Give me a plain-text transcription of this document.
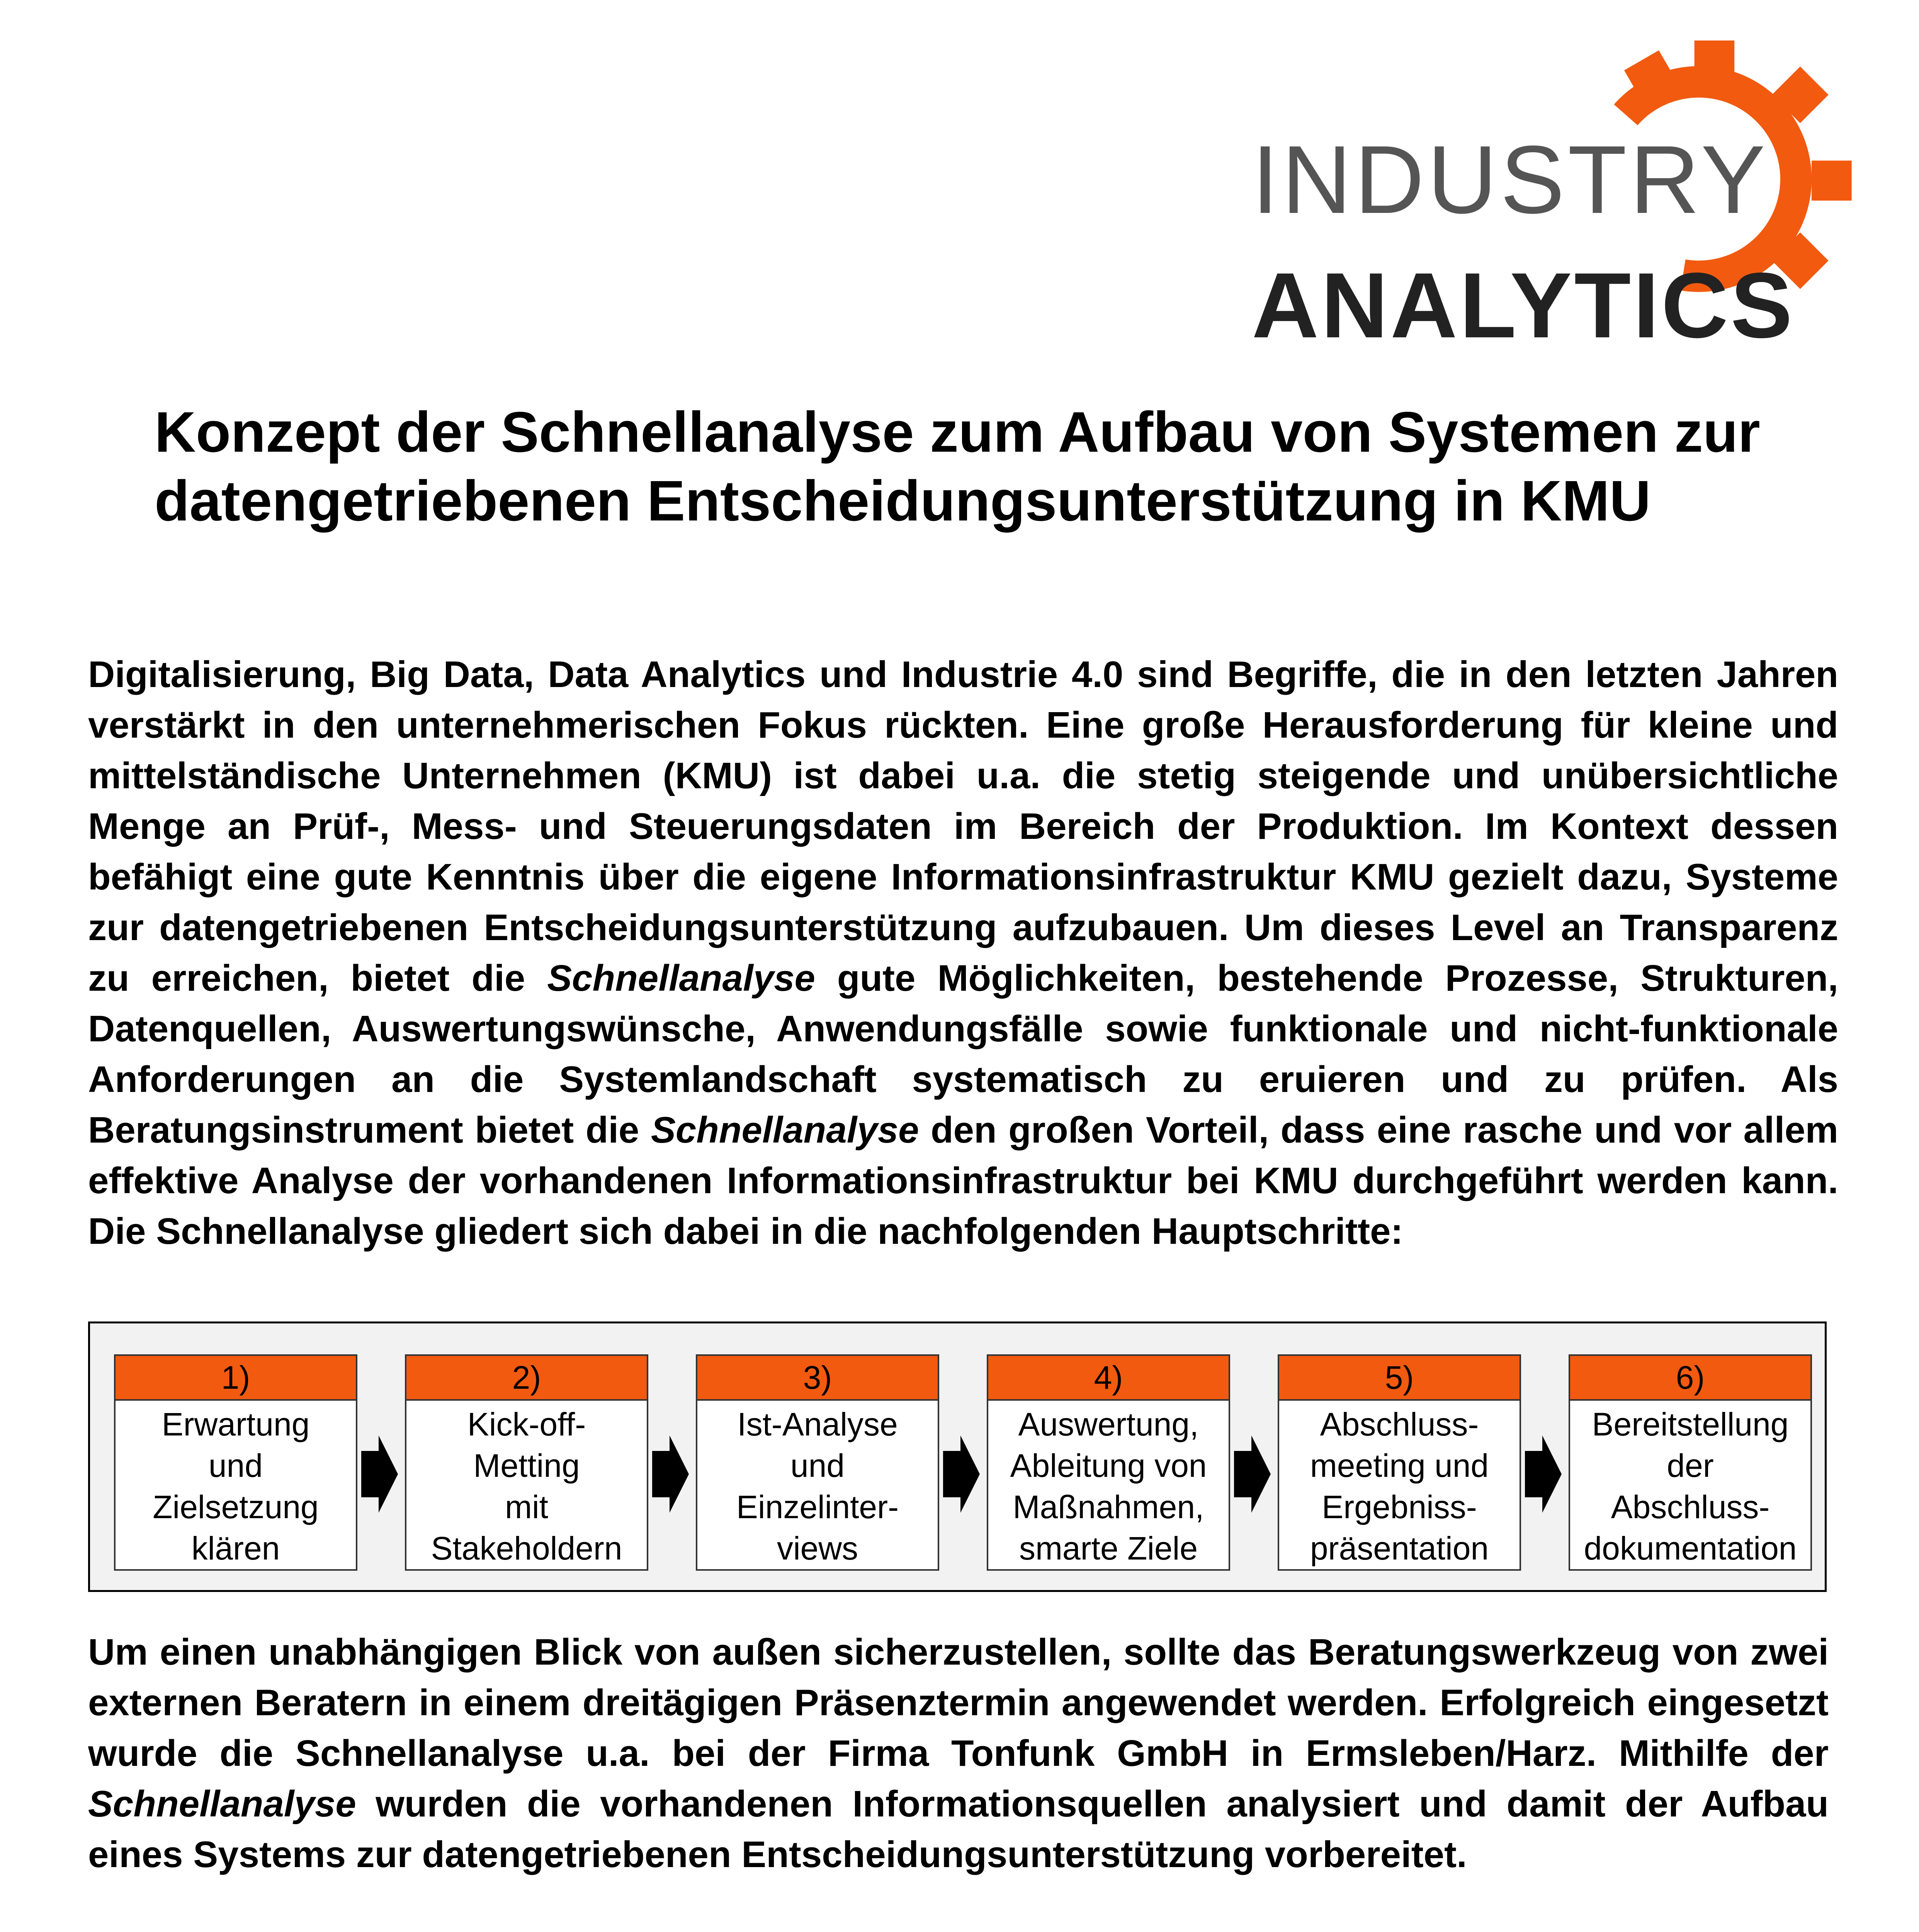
INDUSTRY
ANALYTICS
Konzept der Schnellanalyse zum Aufbau von Systemen zur datengetriebenen Entscheidungsunterstützung in KMU
Digitalisierung, Big Data, Data Analytics und Industrie 4.0 sind Begriffe, die in den letzten Jahren verstärkt in den unternehmerischen Fokus rückten. Eine große Herausforderung für kleine und mittelständische Unternehmen (KMU) ist dabei u.a. die stetig steigende und unübersichtliche Menge an Prüf-, Mess- und Steuerungsdaten im Bereich der Produktion. Im Kontext dessen befähigt eine gute Kenntnis über die eigene Informationsinfrastruktur KMU gezielt dazu, Systeme zur datengetriebenen Entscheidungsunterstützung aufzubauen. Um dieses Level an Transparenz zu erreichen, bietet die Schnellanalyse gute Möglichkeiten, bestehende Prozesse, Strukturen, Datenquellen, Auswertungswünsche, Anwendungsfälle sowie funktionale und nicht-funktionale Anforderungen an die Systemlandschaft systematisch zu eruieren und zu prüfen. Als Beratungsinstrument bietet die Schnellanalyse den großen Vorteil, dass eine rasche und vor allem effektive Analyse der vorhandenen Informationsinfrastruktur bei KMU durchgeführt werden kann. Die Schnellanalyse gliedert sich dabei in die nachfolgenden Hauptschritte:
1)
Erwartung
und
Zielsetzung
klären
2)
Kick-off-
Metting
mit
Stakeholdern
3)
Ist-Analyse
und
Einzelinter-
views
4)
Auswertung,
Ableitung von
Maßnahmen,
smarte Ziele
5)
Abschluss-
meeting und
Ergebniss-
präsentation
6)
Bereitstellung
der
Abschluss-
dokumentation
Um einen unabhängigen Blick von außen sicherzustellen, sollte das Beratungswerkzeug von zwei externen Beratern in einem dreitägigen Präsenztermin angewendet werden. Erfolgreich eingesetzt wurde die Schnellanalyse u.a. bei der Firma Tonfunk GmbH in Ermsleben/Harz. Mithilfe der Schnellanalyse wurden die vorhandenen Informationsquellen analysiert und damit der Aufbau eines Systems zur datengetriebenen Entscheidungsunterstützung vorbereitet.
